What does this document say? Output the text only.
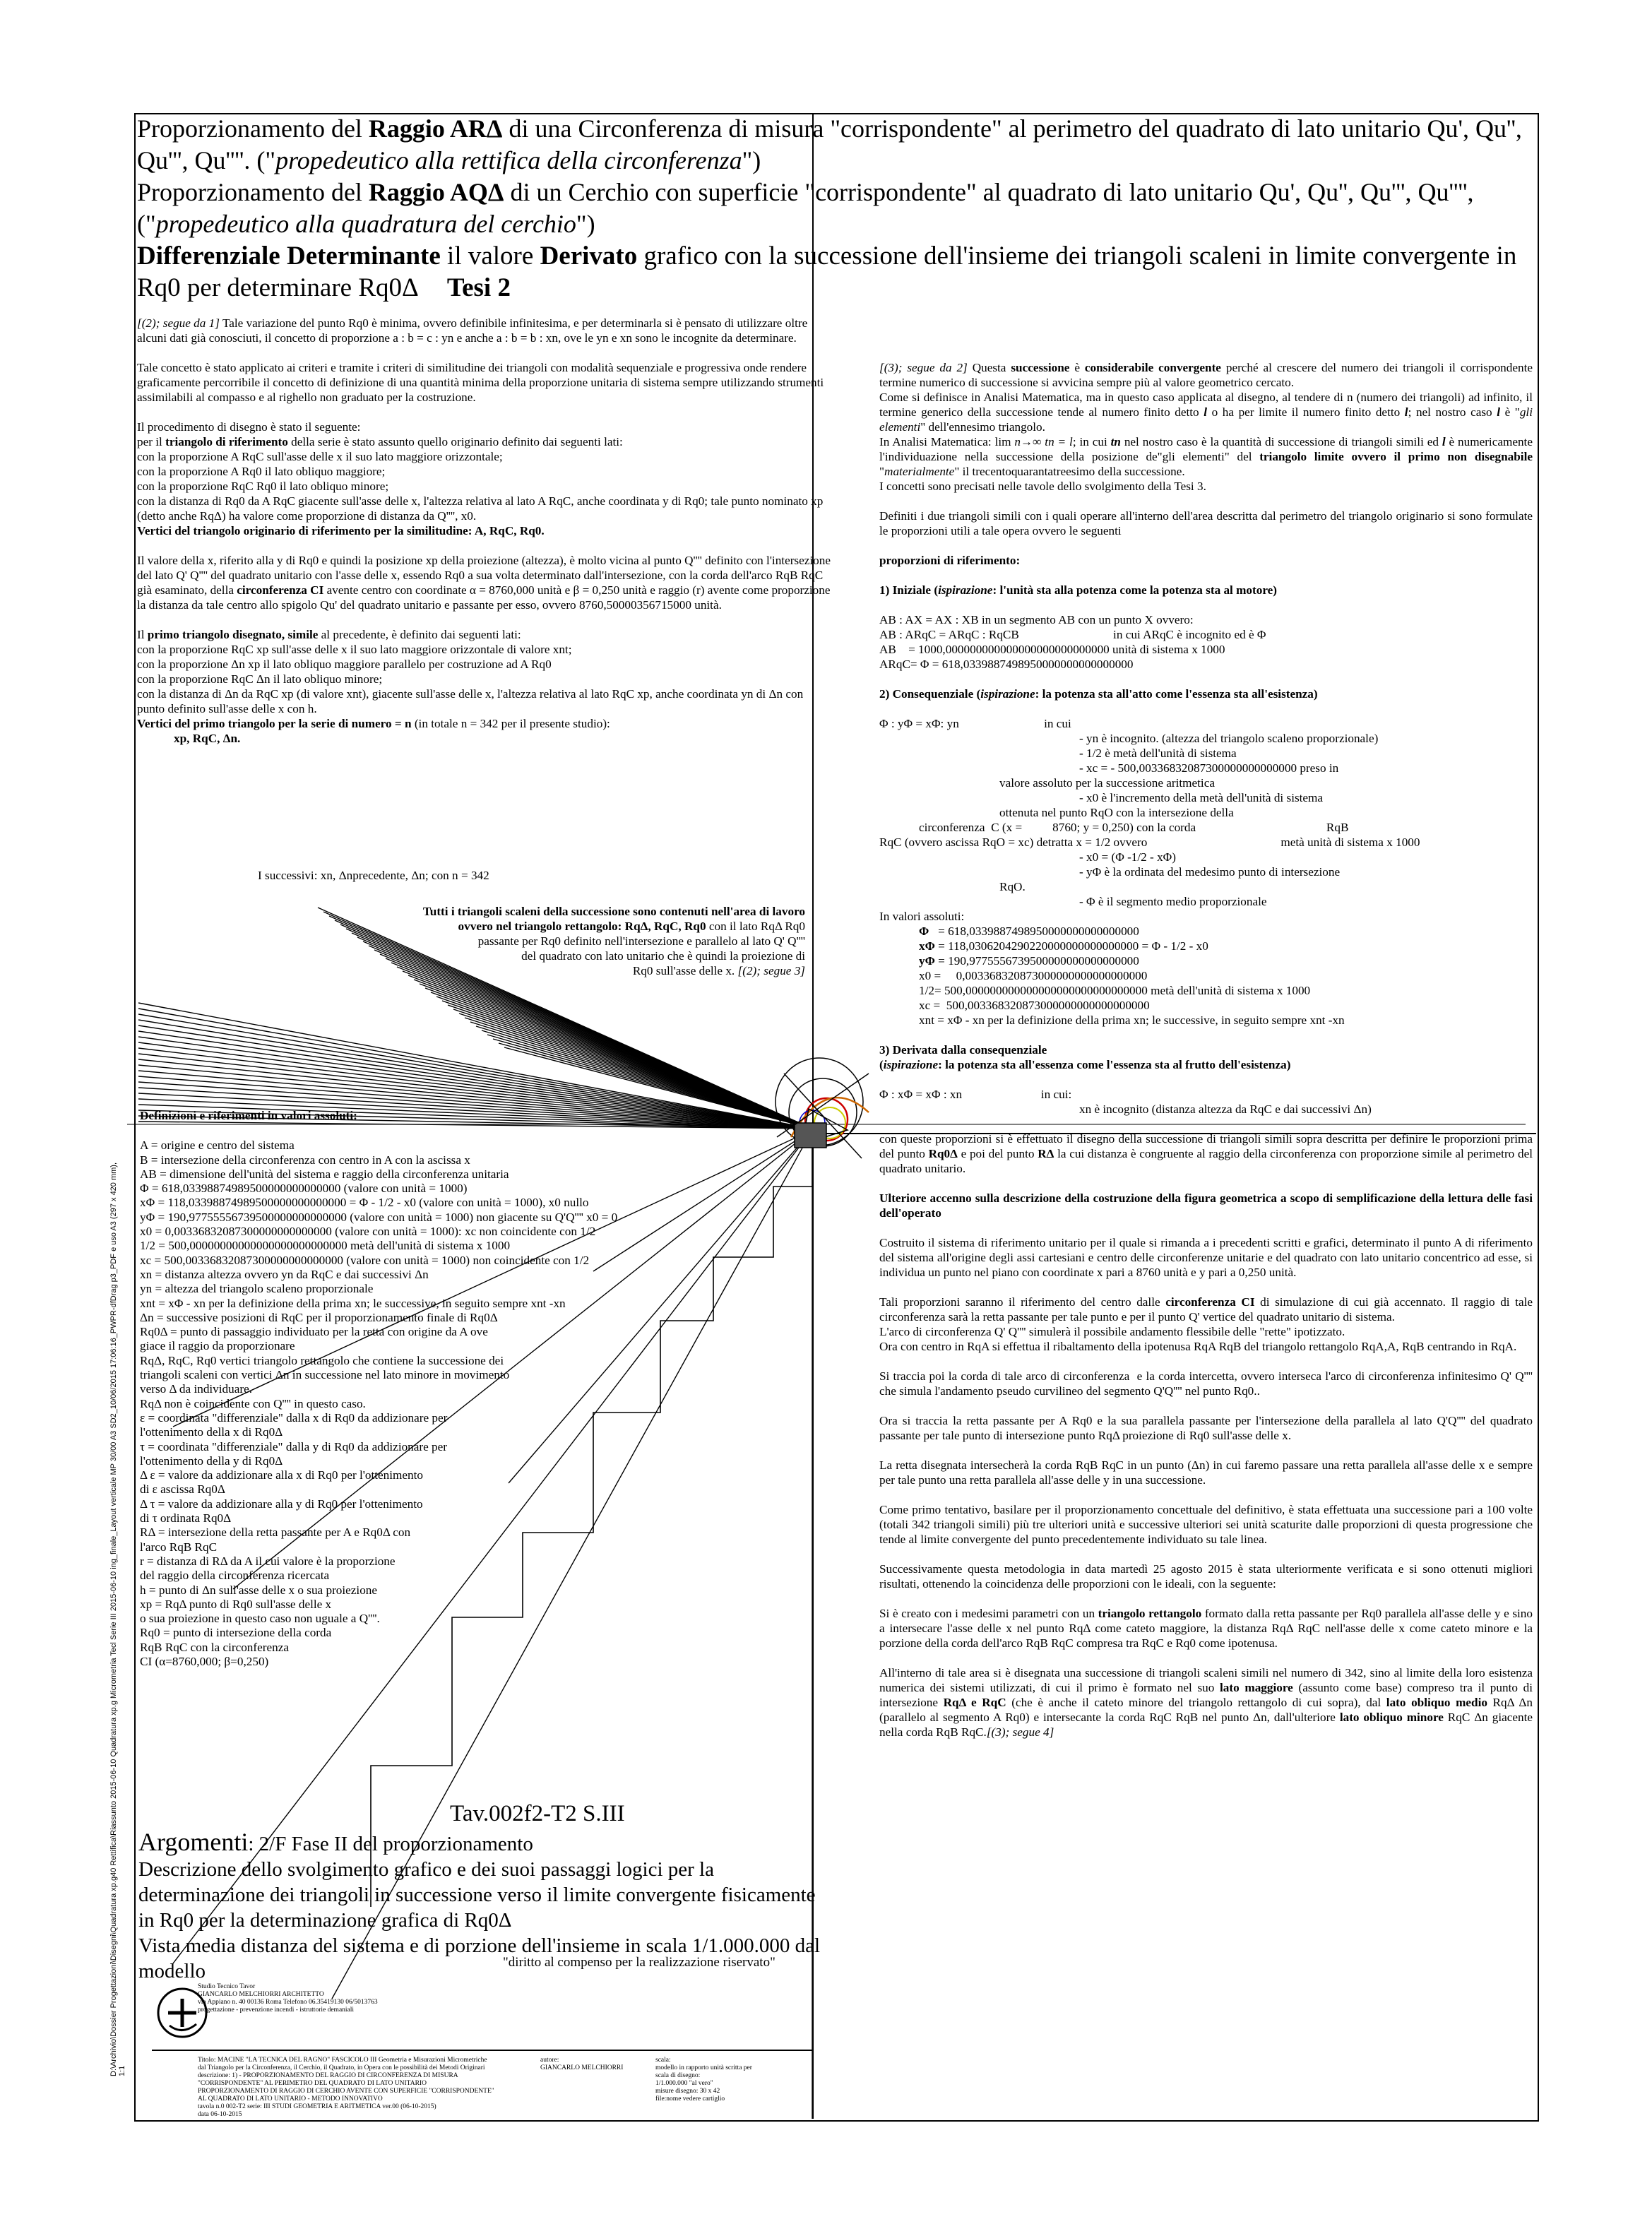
Proporzionamento del Raggio ARΔ di una Circonferenza di misura "corrispondente" al perimetro del quadrato di lato unitario Qu', Qu'', Qu''', Qu''''. ("propedeutico alla rettifica della circonferenza")

Proporzionamento del Raggio AQΔ di un Cerchio con superficie "corrispondente" al quadrato di lato unitario Qu', Qu'', Qu''', Qu'''', ("propedeutico alla quadratura del cerchio")

Differenziale Determinante il valore Derivato grafico con la successione dell'insieme dei triangoli scaleni in limite convergente in Rq0 per determinare Rq0Δ Tesi 2

[(2); segue da 1] Tale variazione del punto Rq0 è minima, ovvero definibile infinitesima, e per determinarla si è pensato di utilizzare oltre alcuni dati già conosciuti, il concetto di proporzione a : b = c : yn e anche a : b = b : xn, ove le yn e xn sono le incognite da determinare.

Tale concetto è stato applicato ai criteri e tramite i criteri di similitudine dei triangoli con modalità sequenziale e progressiva onde rendere graficamente percorribile il concetto di definizione di una quantità minima della proporzione unitaria di sistema sempre utilizzando strumenti assimilabili al compasso e al righello non graduato per la costruzione.

Il procedimento di disegno è stato il seguente:
per il triangolo di riferimento della serie è stato assunto quello originario definito dai seguenti lati:
con la proporzione A RqC sull'asse delle x il suo lato maggiore orizzontale;
con la proporzione A Rq0 il lato obliquo maggiore;
con la proporzione RqC Rq0 il lato obliquo minore;
con la distanza di Rq0 da A RqC giacente sull'asse delle x, l'altezza relativa al lato A RqC, anche coordinata y di Rq0; tale punto nominato xp (detto anche RqΔ) ha valore come proporzione di distanza da Q'''', x0.
Vertici del triangolo originario di riferimento per la similitudine: A, RqC, Rq0.

Il valore della x, riferito alla y di Rq0 e quindi la posizione xp della proiezione (altezza), è molto vicina al punto Q'''' definito con l'intersezione del lato Q' Q'''' del quadrato unitario con l'asse delle x, essendo Rq0 a sua volta determinato dall'intersezione, con la corda dell'arco RqB RqC già esaminato, della circonferenza CI avente centro con coordinate α = 8760,000 unità e β = 0,250 unità e raggio (r) avente come proporzione la distanza da tale centro allo spigolo Qu' del quadrato unitario e passante per esso, ovvero 8760,50000356715000 unità.

Il primo triangolo disegnato, simile al precedente, è definito dai seguenti lati:
con la proporzione RqC xp sull'asse delle x il suo lato maggiore orizzontale di valore xnt;
con la proporzione Δn xp il lato obliquo maggiore parallelo per costruzione ad A Rq0
con la proporzione RqC Δn il lato obliquo minore;
con la distanza di Δn da RqC xp (di valore xnt), giacente sull'asse delle x, l'altezza relativa al lato RqC xp, anche coordinata yn di Δn con punto definito sull'asse delle x con h.
Vertici del primo triangolo per la serie di numero = n (in totale n = 342 per il presente studio):
xp, RqC, Δn.
I successivi: xn, Δnprecedente, Δn; con n = 342
Tutti i triangoli scaleni della successione sono contenuti nell'area di lavoro
ovvero nel triangolo rettangolo: RqΔ, RqC, Rq0 con il lato RqΔ Rq0
passante per Rq0 definito nell'intersezione e parallelo al lato Q' Q''''
del quadrato con lato unitario che è quindi la proiezione di
Rq0 sull'asse delle x. [(2); segue 3]
Definizioni e riferimenti in valori assoluti:
A = origine e centro del sistema
B = intersezione della circonferenza con centro in A con la ascissa x
AB = dimensione dell'unità del sistema e raggio della circonferenza unitaria
Φ = 618,03398874989500000000000000 (valore con unità = 1000)
xΦ = 118,03398874989500000000000000 = Φ - 1/2 - x0 (valore con unità = 1000), x0 nullo
yΦ = 190,97755556739500000000000000 (valore con unità = 1000) non giacente su Q'Q'''' x0 = 0
x0 = 0,00336832087300000000000000 (valore con unità = 1000): xc non coincidente con 1/2
1/2 = 500,00000000000000000000000000 metà dell'unità di sistema x 1000
xc = 500,00336832087300000000000000 (valore con unità = 1000) non coincidente con 1/2
xn = distanza altezza ovvero yn da RqC e dai successivi Δn
yn = altezza del triangolo scaleno proporzionale
xnt = xΦ - xn per la definizione della prima xn; le successive, in seguito sempre xnt -xn
Δn = successive posizioni di RqC per il proporzionamento finale di Rq0Δ
Rq0Δ = punto di passaggio individuato per la retta con origine da A ove
giace il raggio da proporzionare
RqΔ, RqC, Rq0 vertici triangolo rettangolo che contiene la successione dei
triangoli scaleni con vertici Δn in successione nel lato minore in movimento
verso Δ da individuare.
RqΔ non è coincidente con Q'''' in questo caso.
ε = coordinata "differenziale" dalla x di Rq0 da addizionare per
l'ottenimento della x di Rq0Δ
τ = coordinata "differenziale" dalla y di Rq0 da addizionare per
l'ottenimento della y di Rq0Δ
Δ ε = valore da addizionare alla x di Rq0 per l'ottenimento
di ε ascissa Rq0Δ
Δ τ = valore da addizionare alla y di Rq0 per l'ottenimento
di τ ordinata Rq0Δ
RΔ = intersezione della retta passante per A e Rq0Δ con
l'arco RqB RqC
r = distanza di RΔ da A il cui valore è la proporzione
del raggio della circonferenza ricercata
h = punto di Δn sull'asse delle x o sua proiezione
xp = RqΔ punto di Rq0 sull'asse delle x
o sua proiezione in questo caso non uguale a Q''''.
Rq0 = punto di intersezione della corda
RqB RqC con la circonferenza
CI (α=8760,000; β=0,250)
Tav.002f2-T2 S.III

Argomenti: 2/F Fase II del proporzionamento

Descrizione dello svolgimento grafico e dei suoi passaggi logici per la determinazione dei triangoli in successione verso il limite convergente fisicamente in Rq0 per la determinazione grafica di Rq0Δ

Vista media distanza del sistema e di porzione dell'insieme in scala 1/1.000.000 dal modello	"diritto al compenso per la realizzazione riservato"
Studio Tecnico Tavor
GIANCARLO MELCHIORRI ARCHITETTO
via Appiano n. 40 00136 Roma Telefono 06.35419130 06/5013763
progettazione - prevenzione incendi - istruttorie demaniali
Titolo: MACINE "LA TECNICA DEL RAGNO" FASCICOLO III Geometria e Misurazioni Micrometriche
dal Triangolo per la Circonferenza, il Cerchio, il Quadrato, in Opera con le possibilità dei Metodi Originari
descrizione: 1) - PROPORZIONAMENTO DEL RAGGIO DI CIRCONFERENZA DI MISURA
"CORRISPONDENTE" AL PERIMETRO DEL QUADRATO DI LATO UNITARIO
PROPORZIONAMENTO DI RAGGIO DI CERCHIO AVENTE CON SUPERFICIE "CORRISPONDENTE"
AL QUADRATO DI LATO UNITARIO - METODO INNOVATIVO
tavola n.0 002-T2 serie: III STUDI GEOMETRIA E ARITMETICA ver.00 (06-10-2015)
data 06-10-2015
autore:
GIANCARLO MELCHIORRI
scala:
modello in rapporto unità scritta per
scala di disegno:
1/1.000.000 "al vero"
misure disegno: 30 x 42
file:nome vedere cartiglio
D:\Archivio\Dossier Progettazioni\Disegni\Quadratura xp.g40 Rettifica\Riassunto 2015-06-10 Quadratura xp.g Micrometria Tecl Serie III 2015-06-10 ing_finale_Layout verticale MP 30/00 A3 SD2_10/06/2015 17:06:16_PWPR-dfDrag p3_PDF e uso A3 (297 x 420 mm), 1:1

[(3); segue da 2] Questa successione è considerabile convergente perché al crescere del numero dei triangoli il corrispondente termine numerico di successione si avvicina sempre più al valore geometrico cercato.
Come si definisce in Analisi Matematica, ma in questo caso applicata al disegno, al tendere di n (numero dei triangoli) ad infinito, il termine generico della successione tende al numero finito detto l o ha per limite il numero finito detto l; nel nostro caso l è "gli elementi" dell'ennesimo triangolo.
In Analisi Matematica: lim n→∞ tn = l; in cui tn nel nostro caso è la quantità di successione di triangoli simili ed l è numericamente l'individuazione nella successione della posizione de"gli elementi" del triangolo limite ovvero il primo non disegnabile "materialmente" il trecentoquarantatreesimo della successione.
I concetti sono precisati nelle tavole dello svolgimento della Tesi 3.

Definiti i due triangoli simili con i quali operare all'interno dell'area descritta dal perimetro del triangolo originario si sono formulate le proporzioni utili a tale opera ovvero le seguenti

proporzioni di riferimento:

1) Iniziale (ispirazione: l'unità sta alla potenza come la potenza sta al motore)

AB : AX = AX : XB in un segmento AB con un punto X ovvero:
AB : ARqC = ARqC : RqCB                               in cui ARqC è incognito ed è Φ
AB    = 1000,000000000000000000000000000 unità di sistema x 1000
ARqC= Φ = 618,0339887498950000000000000000

2) Consequenziale (ispirazione: la potenza sta all'atto come l'essenza sta all'esistenza)

Φ : yΦ = xΦ: yn                            in cui
- yn è incognito. (altezza del triangolo scaleno proporzionale)
- 1/2 è metà dell'unità di sistema
- xc = - 500,00336832087300000000000000 preso in
valore assoluto per la successione aritmetica
- x0 è l'incremento della metà dell'unità di sistema
ottenuta nel punto RqO con la intersezione della
circonferenza  C (x =          8760; y = 0,250) con la corda                                           RqB
RqC (ovvero ascissa RqO = xc) detratta x = 1/2 ovvero                                            metà unità di sistema x 1000
- x0 = (Φ -1/2 - xΦ)
- yΦ è la ordinata del medesimo punto di intersezione
RqO.
- Φ è il segmento medio proporzionale
In valori assoluti:
Φ   = 618,0339887498950000000000000000
xΦ = 118,0306204290220000000000000000 = Φ - 1/2 - x0
yΦ = 190,9775556739500000000000000000
x0 =     0,003368320873000000000000000000
1/2= 500,000000000000000000000000000000 metà dell'unità di sistema x 1000
xc =  500,003368320873000000000000000000
xnt = xΦ - xn per la definizione della prima xn; le successive, in seguito sempre xnt -xn

3) Derivata dalla consequenziale

(ispirazione: la potenza sta all'essenza come l'essenza sta al frutto dell'esistenza)

Φ : xΦ = xΦ : xn                          in cui:
xn è incognito (distanza altezza da RqC e dai successivi Δn)

con queste proporzioni si è effettuato il disegno della successione di triangoli simili sopra descritta per definire le proporzioni prima del punto Rq0Δ e poi del punto RΔ la cui distanza è congruente al raggio della circonferenza con proporzione simile al perimetro del quadrato unitario.

Ulteriore accenno sulla descrizione della costruzione della figura geometrica a scopo di semplificazione della lettura delle fasi dell'operato

Costruito il sistema di riferimento unitario per il quale si rimanda a i precedenti scritti e grafici, determinato il punto A di riferimento del sistema all'origine degli assi cartesiani e centro delle circonferenze unitarie e del quadrato con lato unitario concentrico ad esse, si individua un punto nel piano con coordinate x pari a 8760 unità e y pari a 0,250 unità.

Tali proporzioni saranno il riferimento del centro dalle circonferenza CI di simulazione di cui già accennato. Il raggio di tale circonferenza sarà la retta passante per tale punto e per il punto Q' vertice del quadrato unitario di sistema.
L'arco di circonferenza Q' Q'''' simulerà il possibile andamento flessibile delle "rette" ipotizzato.
Ora con centro in RqA si effettua il ribaltamento della ipotenusa RqA RqB del triangolo rettangolo RqA,A, RqB centrando in RqA.

Si traccia poi la corda di tale arco di circonferenza  e la corda intercetta, ovvero interseca l'arco di circonferenza infinitesimo Q' Q'''' che simula l'andamento pseudo curvilineo del segmento Q'Q'''' nel punto Rq0..

Ora si traccia la retta passante per A Rq0 e la sua parallela passante per l'intersezione della parallela al lato Q'Q'''' del quadrato passante per tale punto di intersezione punto RqΔ proiezione di Rq0 sull'asse delle x.

La retta disegnata intersecherà la corda RqB RqC in un punto (Δn) in cui faremo passare una retta parallela all'asse delle x e sempre per tale punto una retta parallela all'asse delle y in una successione.

Come primo tentativo, basilare per il proporzionamento concettuale del definitivo, è stata effettuata una successione pari a 100 volte (totali 342 triangoli simili) più tre ulteriori unità e successive ulteriori sei unità scaturite dalle proporzioni di questa progressione che tende al limite convergente del punto precedentemente individuato su tale linea.

Successivamente questa metodologia in data martedì 25 agosto 2015 è stata ulteriormente verificata e si sono ottenuti migliori risultati, ottenendo la coincidenza delle proporzioni con le ideali, con la seguente:

Si è creato con i medesimi parametri con un triangolo rettangolo formato dalla retta passante per Rq0 parallela all'asse delle y e sino a intersecare l'asse delle x nel punto RqΔ come cateto maggiore, la distanza RqΔ RqC nell'asse delle x come cateto minore e la porzione della corda dell'arco RqB RqC compresa tra RqC e Rq0 come ipotenusa.

All'interno di tale area si è disegnata una successione di triangoli scaleni simili nel numero di 342, sino al limite della loro esistenza numerica dei sistemi utilizzati, di cui il primo è formato nel suo lato maggiore (assunto come base) compreso tra il punto di intersezione RqΔ e RqC (che è anche il cateto minore del triangolo rettangolo di cui sopra), dal lato obliquo medio RqΔ Δn (parallelo al segmento A Rq0) e intersecante la corda RqC RqB nel punto Δn, dall'ulteriore lato obliquo minore RqC Δn giacente nella corda RqB RqC.[(3); segue 4]
